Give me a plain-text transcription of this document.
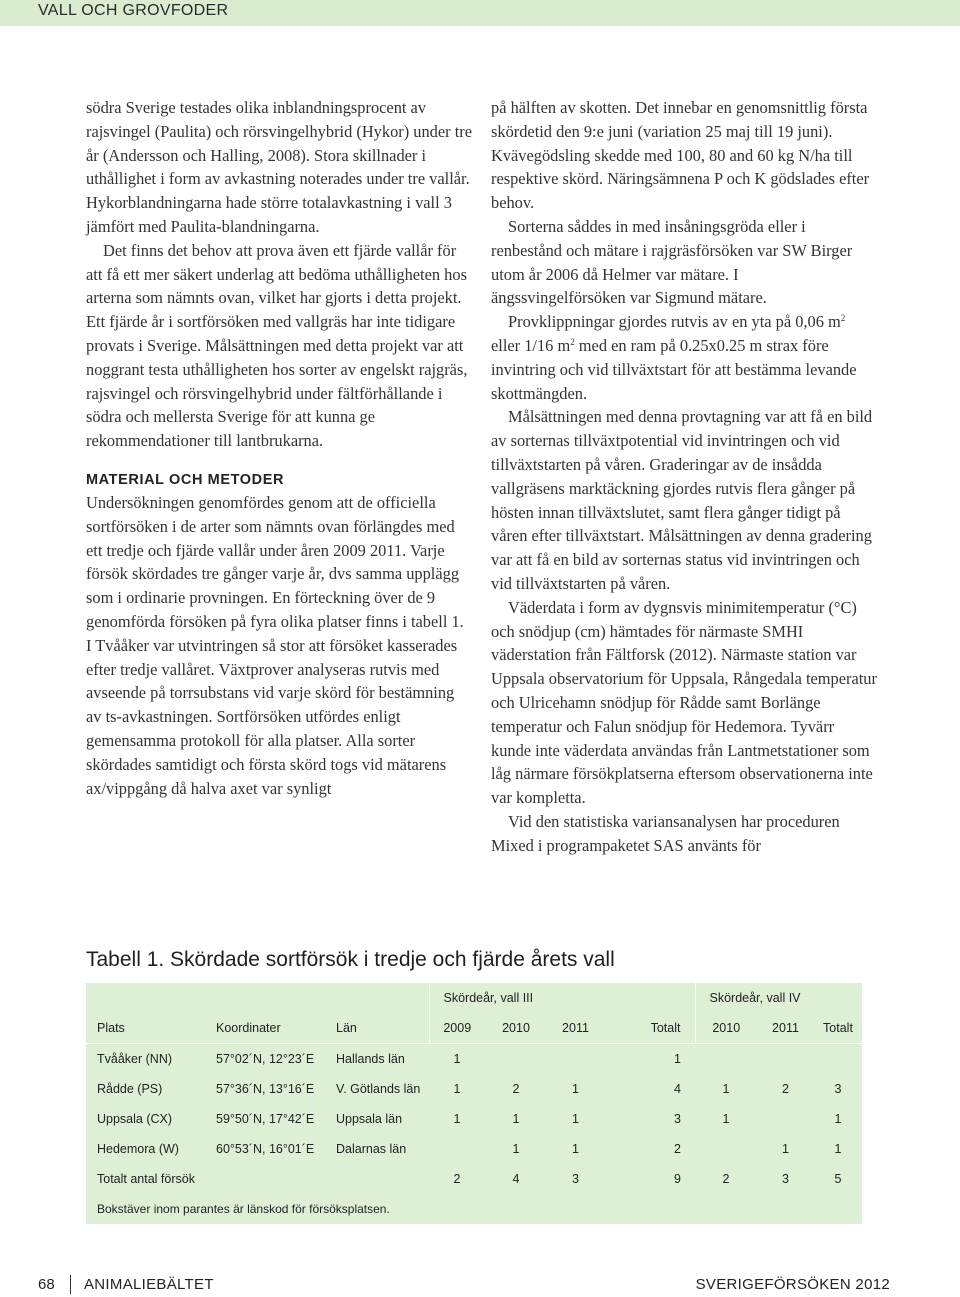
VALL OCH GROVFODER

södra Sverige testades olika inblandningsprocent av rajsvingel (Paulita) och rörsvingelhybrid (Hykor) under tre år (Andersson och Halling, 2008). Stora skillnader i uthållighet i form av avkastning noterades under tre vallår. Hykorblandningarna hade större totalavkastning i vall 3 jämfört med Paulita-blandningarna.

Det finns det behov att prova även ett fjärde vallår för att få ett mer säkert underlag att bedöma uthålligheten hos arterna som nämnts ovan, vilket har gjorts i detta projekt. Ett fjärde år i sortförsöken med vallgräs har inte tidigare provats i Sverige. Målsättningen med detta projekt var att noggrant testa uthålligheten hos sorter av engelskt rajgräs, rajsvingel och rörsvingelhybrid under fältförhållande i södra och mellersta Sverige för att kunna ge rekommendationer till lantbrukarna.

MATERIAL OCH METODER

Undersökningen genomfördes genom att de officiella sortförsöken i de arter som nämnts ovan förlängdes med ett tredje och fjärde vallår under åren 2009 2011. Varje försök skördades tre gånger varje år, dvs samma upplägg som i ordinarie provningen. En förteckning över de 9 genomförda försöken på fyra olika platser finns i tabell 1. I Tvååker var utvintringen så stor att försöket kasserades efter tredje vallåret. Växtprover analyseras rutvis med avseende på torrsubstans vid varje skörd för bestämning av ts-avkastningen. Sortförsöken utfördes enligt gemensamma protokoll för alla platser. Alla sorter skördades samtidigt och första skörd togs vid mätarens ax/vippgång då halva axet var synligt

på hälften av skotten. Det innebar en genomsnittlig första skördetid den 9:e juni (variation 25 maj till 19 juni). Kvävegödsling skedde med 100, 80 and 60 kg N/ha till respektive skörd. Näringsämnena P och K gödslades efter behov.

Sorterna såddes in med insåningsgröda eller i renbestånd och mätare i rajgräsförsöken var SW Birger utom år 2006 då Helmer var mätare. I ängssvingelförsöken var Sigmund mätare.

Provklippningar gjordes rutvis av en yta på 0,06 $m^2$ eller 1/16 $m^2$ med en ram på 0.25x0.25 m strax före invintring och vid tillväxtstart för att bestämma levande skottmängden.

Målsättningen med denna provtagning var att få en bild av sorternas tillväxtpotential vid invintringen och vid tillväxtstarten på våren. Graderingar av de insådda vallgräsens marktäckning gjordes rutvis flera gånger på hösten innan tillväxtslutet, samt flera gånger tidigt på våren efter tillväxtstart. Målsättningen av denna gradering var att få en bild av sorternas status vid invintringen och vid tillväxtstarten på våren.

Väderdata i form av dygnsvis minimitemperatur (°C) och snödjup (cm) hämtades för närmaste SMHI väderstation från Fältforsk (2012). Närmaste station var Uppsala observatorium för Uppsala, Rångedala temperatur och Ulricehamn snödjup för Rådde samt Borlänge temperatur och Falun snödjup för Hedemora. Tyvärr kunde inte väderdata användas från Lantmetstationer som låg närmare försökplatserna eftersom observationerna inte var kompletta.

Vid den statistiska variansanalysen har proceduren Mixed i programpaketet SAS använts för

Tabell 1. Skördade sortförsök i tredje och fjärde årets vall
			Skördeår, vall III				Skördeår, vall IV		
Plats	Koordinater	Län	2009	2010	2011	Totalt	2010	2011	Totalt
Tvååker (NN)	57°02´N, 12°23´E	Hallands län	1			1			
Rådde (PS)	57°36´N, 13°16´E	V. Götlands län	1	2	1	4	1	2	3
Uppsala (CX)	59°50´N, 17°42´E	Uppsala län	1	1	1	3	1		1
Hedemora (W)	60°53´N, 16°01´E	Dalarnas län		1	1	2		1	1
Totalt antal försök			2	4	3	9	2	3	5
Bokstäver inom parantes är länskod för försöksplatsen.									
68 ANIMALIEBÄLTET	SVERIGEFÖRSÖKEN 2012
